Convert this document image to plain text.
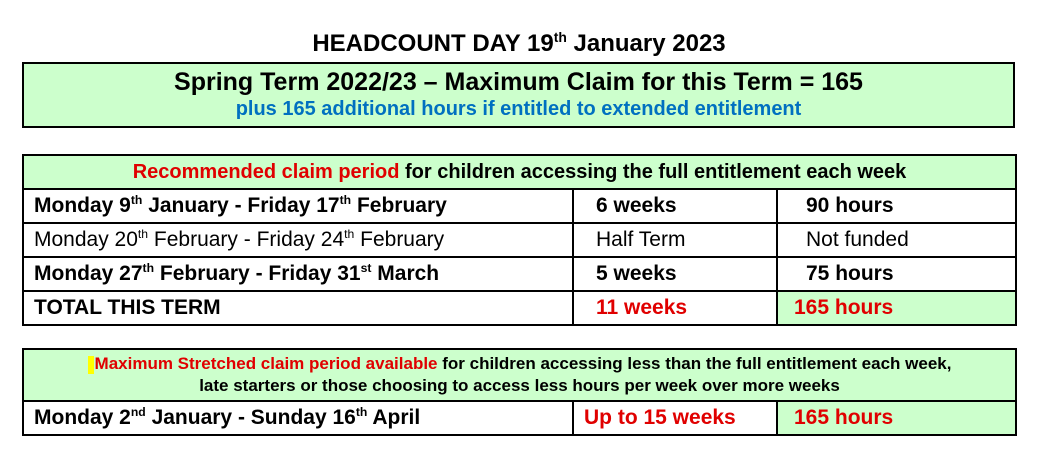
HEADCOUNT DAY 19th January 2023
Spring Term 2022/23 – Maximum Claim for this Term = 165
plus 165 additional hours if entitled to extended entitlement
Recommended claim period for children accessing the full entitlement each week		
Monday 9th January - Friday 17th February	6 weeks	90 hours
Monday 20th February - Friday 24th February	Half Term	Not funded
Monday 27th February - Friday 31st March	5 weeks	75 hours
TOTAL THIS TERM	11 weeks	165 hours
Maximum Stretched claim period available for children accessing less than the full entitlement each week,
late starters or those choosing to access less hours per week over more weeks
Monday 2nd January - Sunday 16th April	Up to 15 weeks	165 hours
